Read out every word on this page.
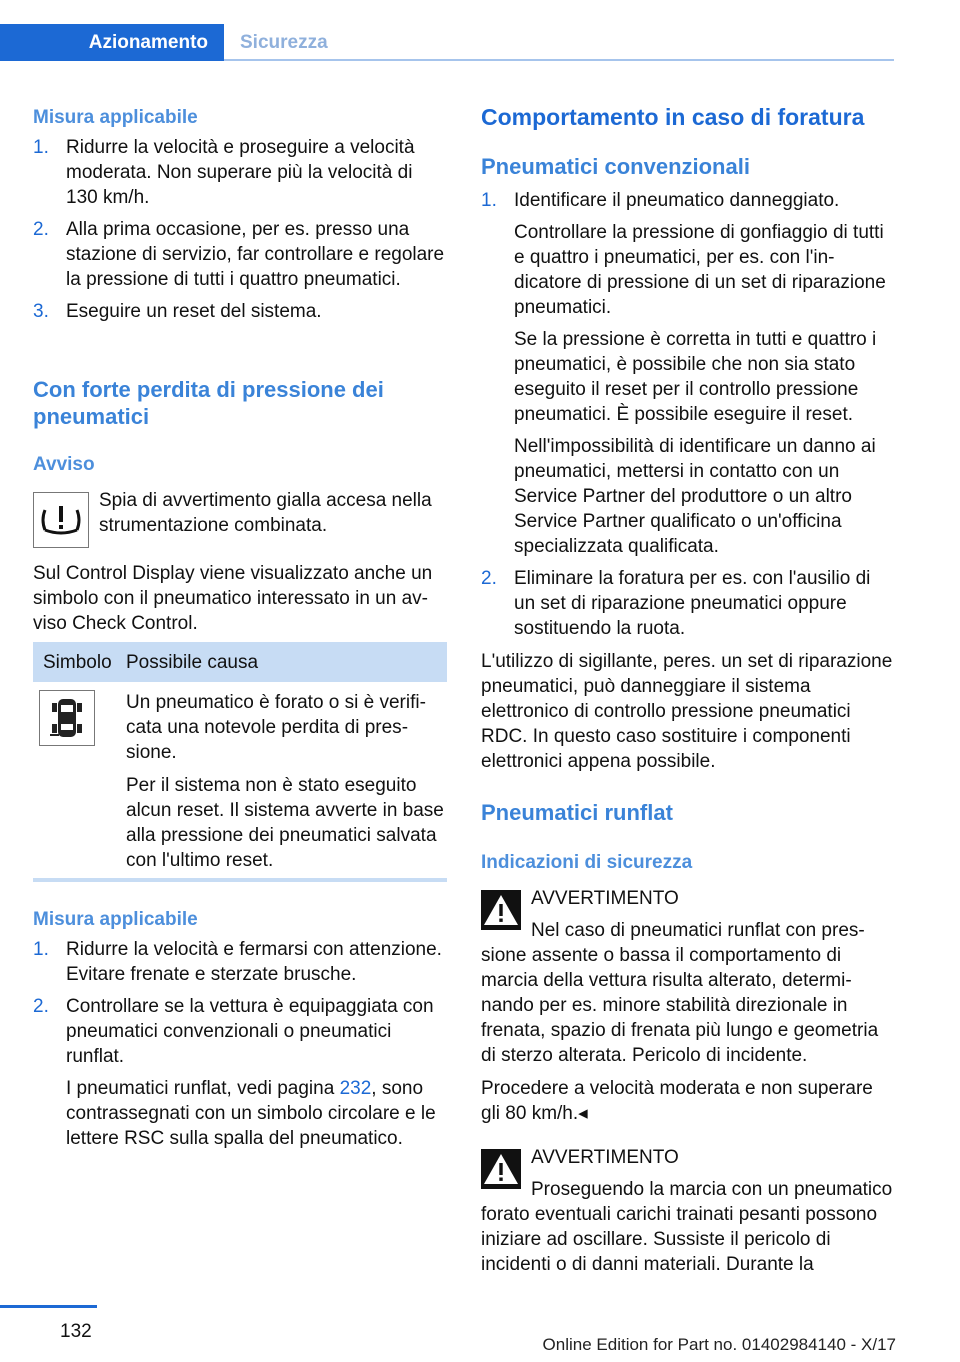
Azionamento	Sicurezza
Misura applicabile
1. Ridurre la velocità e proseguire a velocità moderata. Non superare più la velocità di 130 km/h.

2. Alla prima occasione, per es. presso una stazione di servizio, far controllare e regolare la pressione di tutti i quattro pneumatici.

3. Eseguire un reset del sistema.

Con forte perdita di pressione dei pneumatici
Avviso
Spia di avvertimento gialla accesa nella strumentazione combinata.
Sul Control Display viene visualizzato anche un simbolo con il pneumatico interessato in un avviso Check Control.
Simbolo Possibile causa

Un pneumatico è forato o si è verificata una notevole perdita di pressione.

Per il sistema non è stato eseguito alcun reset. Il sistema avverte in base alla pressione dei pneumatici salvata con l'ultimo reset.

Misura applicabile
1. Ridurre la velocità e fermarsi con attenzione. Evitare frenate e sterzate brusche.

2. Controllare se la vettura è equipaggiata con pneumatici convenzionali o pneumatici runflat.

I pneumatici runflat, vedi pagina 232, sono contrassegnati con un simbolo circolare e le lettere RSC sulla spalla del pneumatico.

Comportamento in caso di foratura
Pneumatici convenzionali
1. Identificare il pneumatico danneggiato.

Controllare la pressione di gonfiaggio di tutti e quattro i pneumatici, per es. con l'indicatore di pressione di un set di riparazione pneumatici.

Se la pressione è corretta in tutti e quattro i pneumatici, è possibile che non sia stato eseguito il reset per il controllo pressione pneumatici. È possibile eseguire il reset.

Nell'impossibilità di identificare un danno ai pneumatici, mettersi in contatto con un Service Partner del produttore o un altro Service Partner qualificato o un'officina specializzata qualificata.

2. Eliminare la foratura per es. con l'ausilio di un set di riparazione pneumatici oppure sostituendo la ruota.

L'utilizzo di sigillante, peres. un set di riparazione pneumatici, può danneggiare il sistema elettronico di controllo pressione pneumatici RDC. In questo caso sostituire i componenti elettronici appena possibile.
Pneumatici runflat
Indicazioni di sicurezza
AVVERTIMENTO
Nel caso di pneumatici runflat con pressione assente o bassa il comportamento di marcia della vettura risulta alterato, determinando per es. minore stabilità direzionale in frenata, spazio di frenata più lungo e geometria di sterzo alterata. Pericolo di incidente.
Procedere a velocità moderata e non superare gli 80 km/h.◂
AVVERTIMENTO
Proseguendo la marcia con un pneumatico forato eventuali carichi trainati pesanti possono iniziare ad oscillare. Sussiste il pericolo di incidenti o di danni materiali. Durante la
132
Online Edition for Part no. 01402984140 - X/17
